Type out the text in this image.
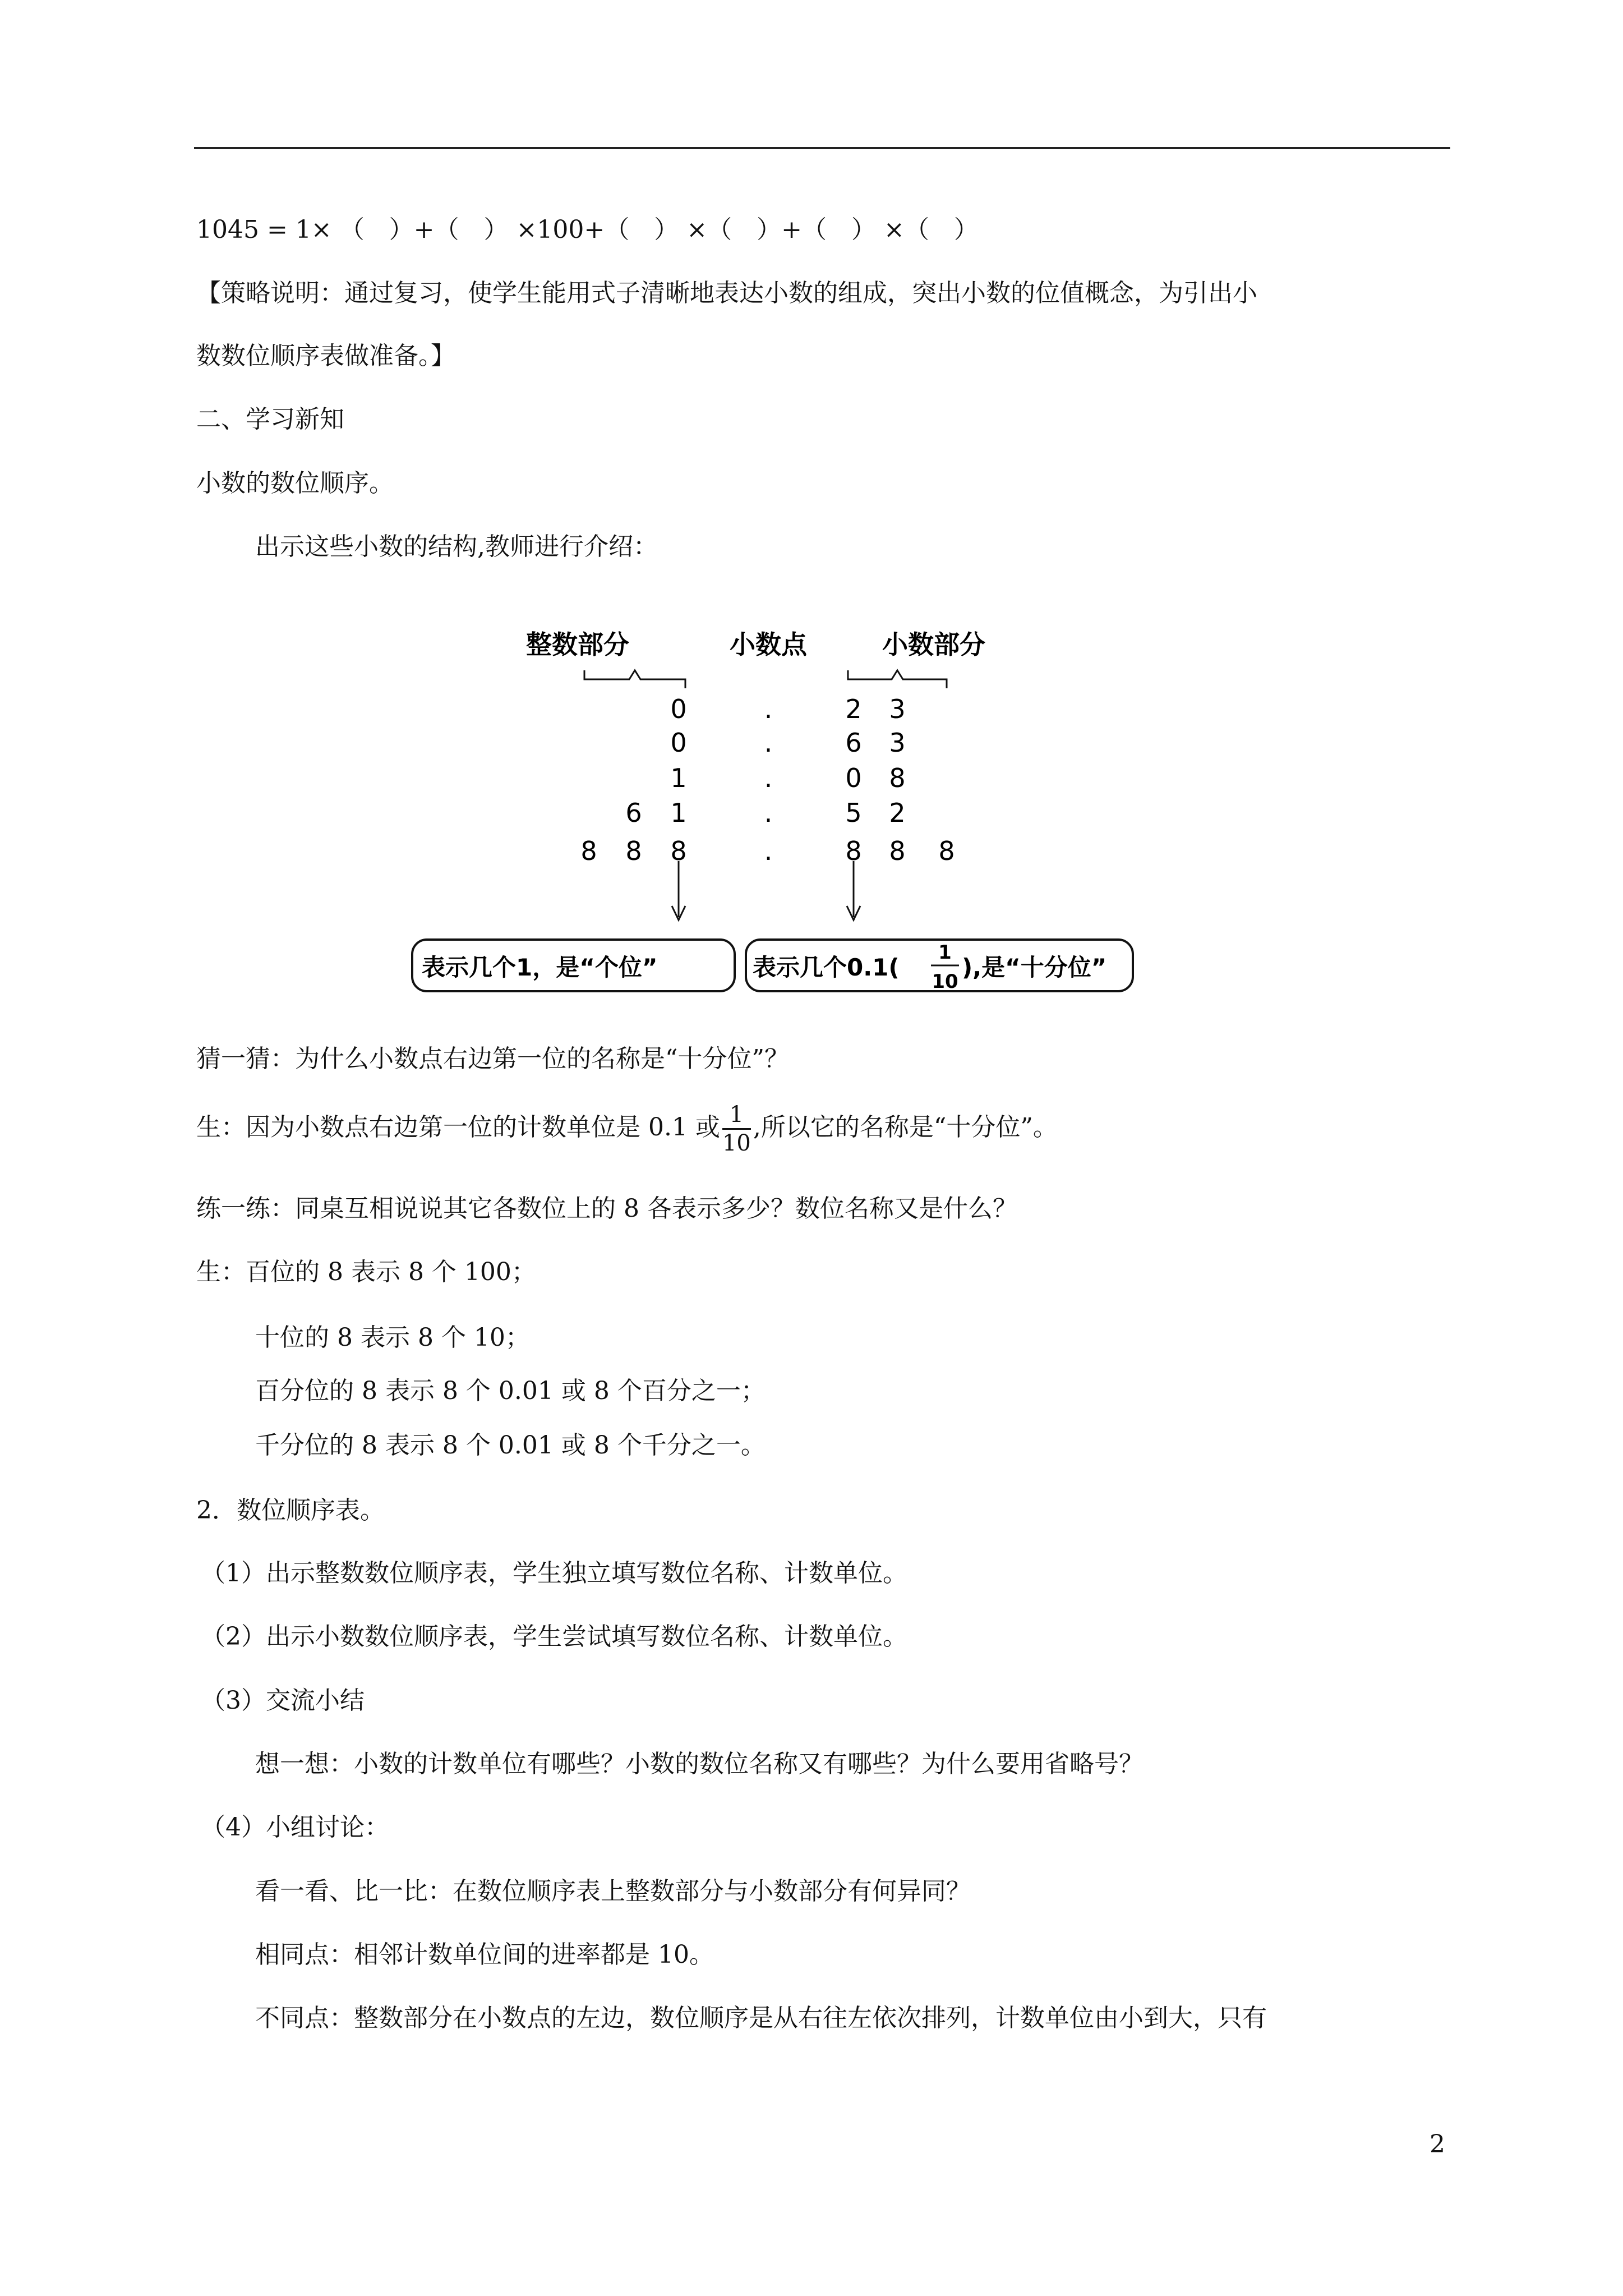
1045 = 1× （　）+（　） ×100+（　） ×（　）+（　） ×（　）
【策略说明：通过复习，使学生能用式子清晰地表达小数的组成，突出小数的位值概念，为引出小
数数位顺序表做准备。】
二、学习新知
小数的数位顺序。
出示这些小数的结构,教师进行介绍：
整数部分	小数点	小数部分
0	.	2 3
0	.	6 3
1	.	0 8
6 1	.	5 2
8 8 8	.	8 8 8
表示几个1，是“个位”	表示几个0.1(
1
10
),是“十分位”
猜一猜：为什么小数点右边第一位的名称是“十分位”？
生：因为小数点右边第一位的计数单位是 0.1 或 $\frac{1}{10}$ ,所以它的名称是“十分位”。
练一练：同桌互相说说其它各数位上的 8 各表示多少？数位名称又是什么？
生：百位的 8 表示 8 个 100；
十位的 8 表示 8 个 10；
百分位的 8 表示 8 个 0.01 或 8 个百分之一；
千分位的 8 表示 8 个 0.01 或 8 个千分之一。
2．数位顺序表。
（1）出示整数数位顺序表，学生独立填写数位名称、计数单位。
（2）出示小数数位顺序表，学生尝试填写数位名称、计数单位。
（3）交流小结
想一想：小数的计数单位有哪些？小数的数位名称又有哪些？为什么要用省略号？
（4）小组讨论：
看一看、比一比：在数位顺序表上整数部分与小数部分有何异同？
相同点：相邻计数单位间的进率都是 10。
不同点：整数部分在小数点的左边，数位顺序是从右往左依次排列，计数单位由小到大，只有
2
